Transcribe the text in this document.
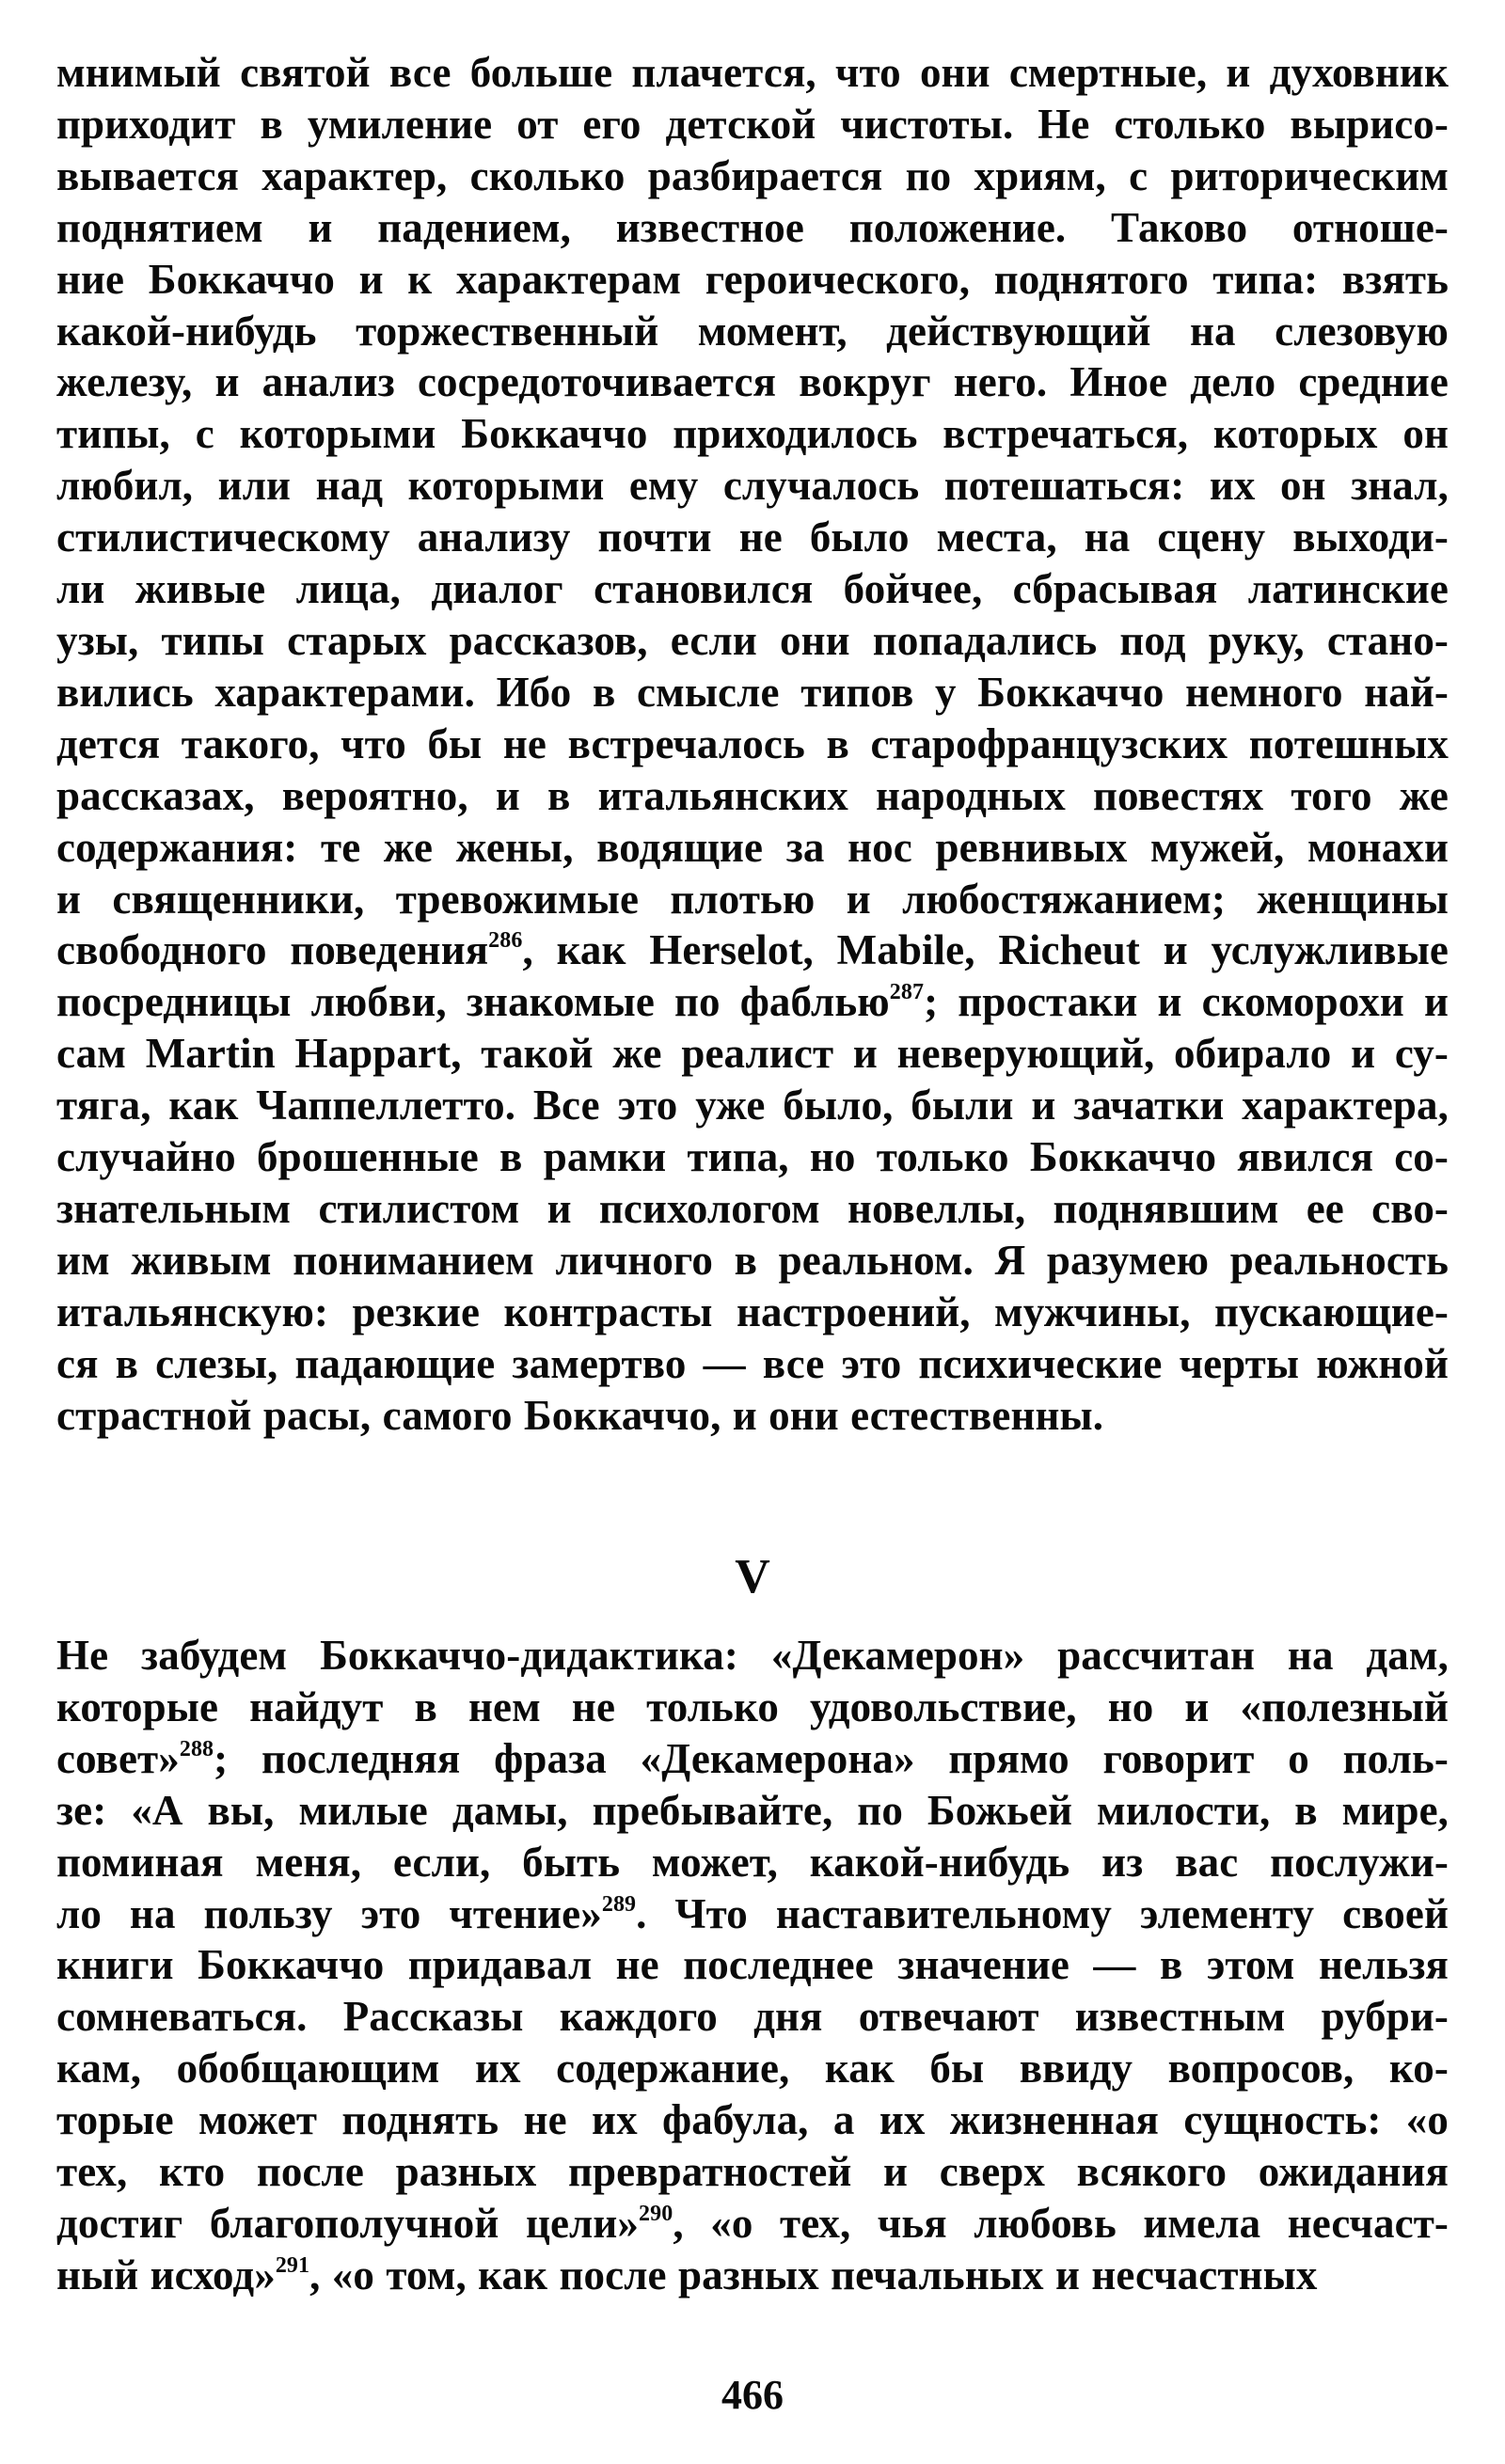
мнимый святой все больше плачется, что они смертные, и духовник
приходит в умиление от его детской чистоты. Не столько вырисо-
вывается характер, сколько разбирается по хриям, с риторическим
поднятием и падением, известное положение. Таково отноше-
ние Боккаччо и к характерам героического, поднятого типа: взять
какой-нибудь торжественный момент, действующий на слезовую
железу, и анализ сосредоточивается вокруг него. Иное дело средние
типы, с которыми Боккаччо приходилось встречаться, которых он
любил, или над которыми ему случалось потешаться: их он знал,
стилистическому анализу почти не было места, на сцену выходи-
ли живые лица, диалог становился бойчее, сбрасывая латинские
узы, типы старых рассказов, если они попадались под руку, стано-
вились характерами. Ибо в смысле типов у Боккаччо немного най-
дется такого, что бы не встречалось в старофранцузских потешных
рассказах, вероятно, и в итальянских народных повестях того же
содержания: те же жены, водящие за нос ревнивых мужей, монахи
и священники, тревожимые плотью и любостяжанием; женщины
свободного поведения$^{286}$, как Herselot, Mabile, Richeut и услужливые
посредницы любви, знакомые по фаблью$^{287}$; простаки и скоморохи и
сам Martin Happart, такой же реалист и неверующий, обирало и су-
тяга, как Чаппеллетто. Все это уже было, были и зачатки характера,
случайно брошенные в рамки типа, но только Боккаччо явился со-
знательным стилистом и психологом новеллы, поднявшим ее сво-
им живым пониманием личного в реальном. Я разумею реальность
итальянскую: резкие контрасты настроений, мужчины, пускающие-
ся в слезы, падающие замертво — все это психические черты южной
страстной расы, самого Боккаччо, и они естественны.
V
Не забудем Боккаччо-дидактика: «Декамерон» рассчитан на дам,
которые найдут в нем не только удовольствие, но и «полезный
совет»$^{288}$; последняя фраза «Декамерона» прямо говорит о поль-
зе: «А вы, милые дамы, пребывайте, по Божьей милости, в мире,
поминая меня, если, быть может, какой-нибудь из вас послужи-
ло на пользу это чтение»$^{289}$. Что наставительному элементу своей
книги Боккаччо придавал не последнее значение — в этом нельзя
сомневаться. Рассказы каждого дня отвечают известным рубри-
кам, обобщающим их содержание, как бы ввиду вопросов, ко-
торые может поднять не их фабула, а их жизненная сущность: «о
тех, кто после разных превратностей и сверх всякого ожидания
достиг благополучной цели»$^{290}$, «о тех, чья любовь имела несчаст-
ный исход»$^{291}$, «о том, как после разных печальных и несчастных
466
